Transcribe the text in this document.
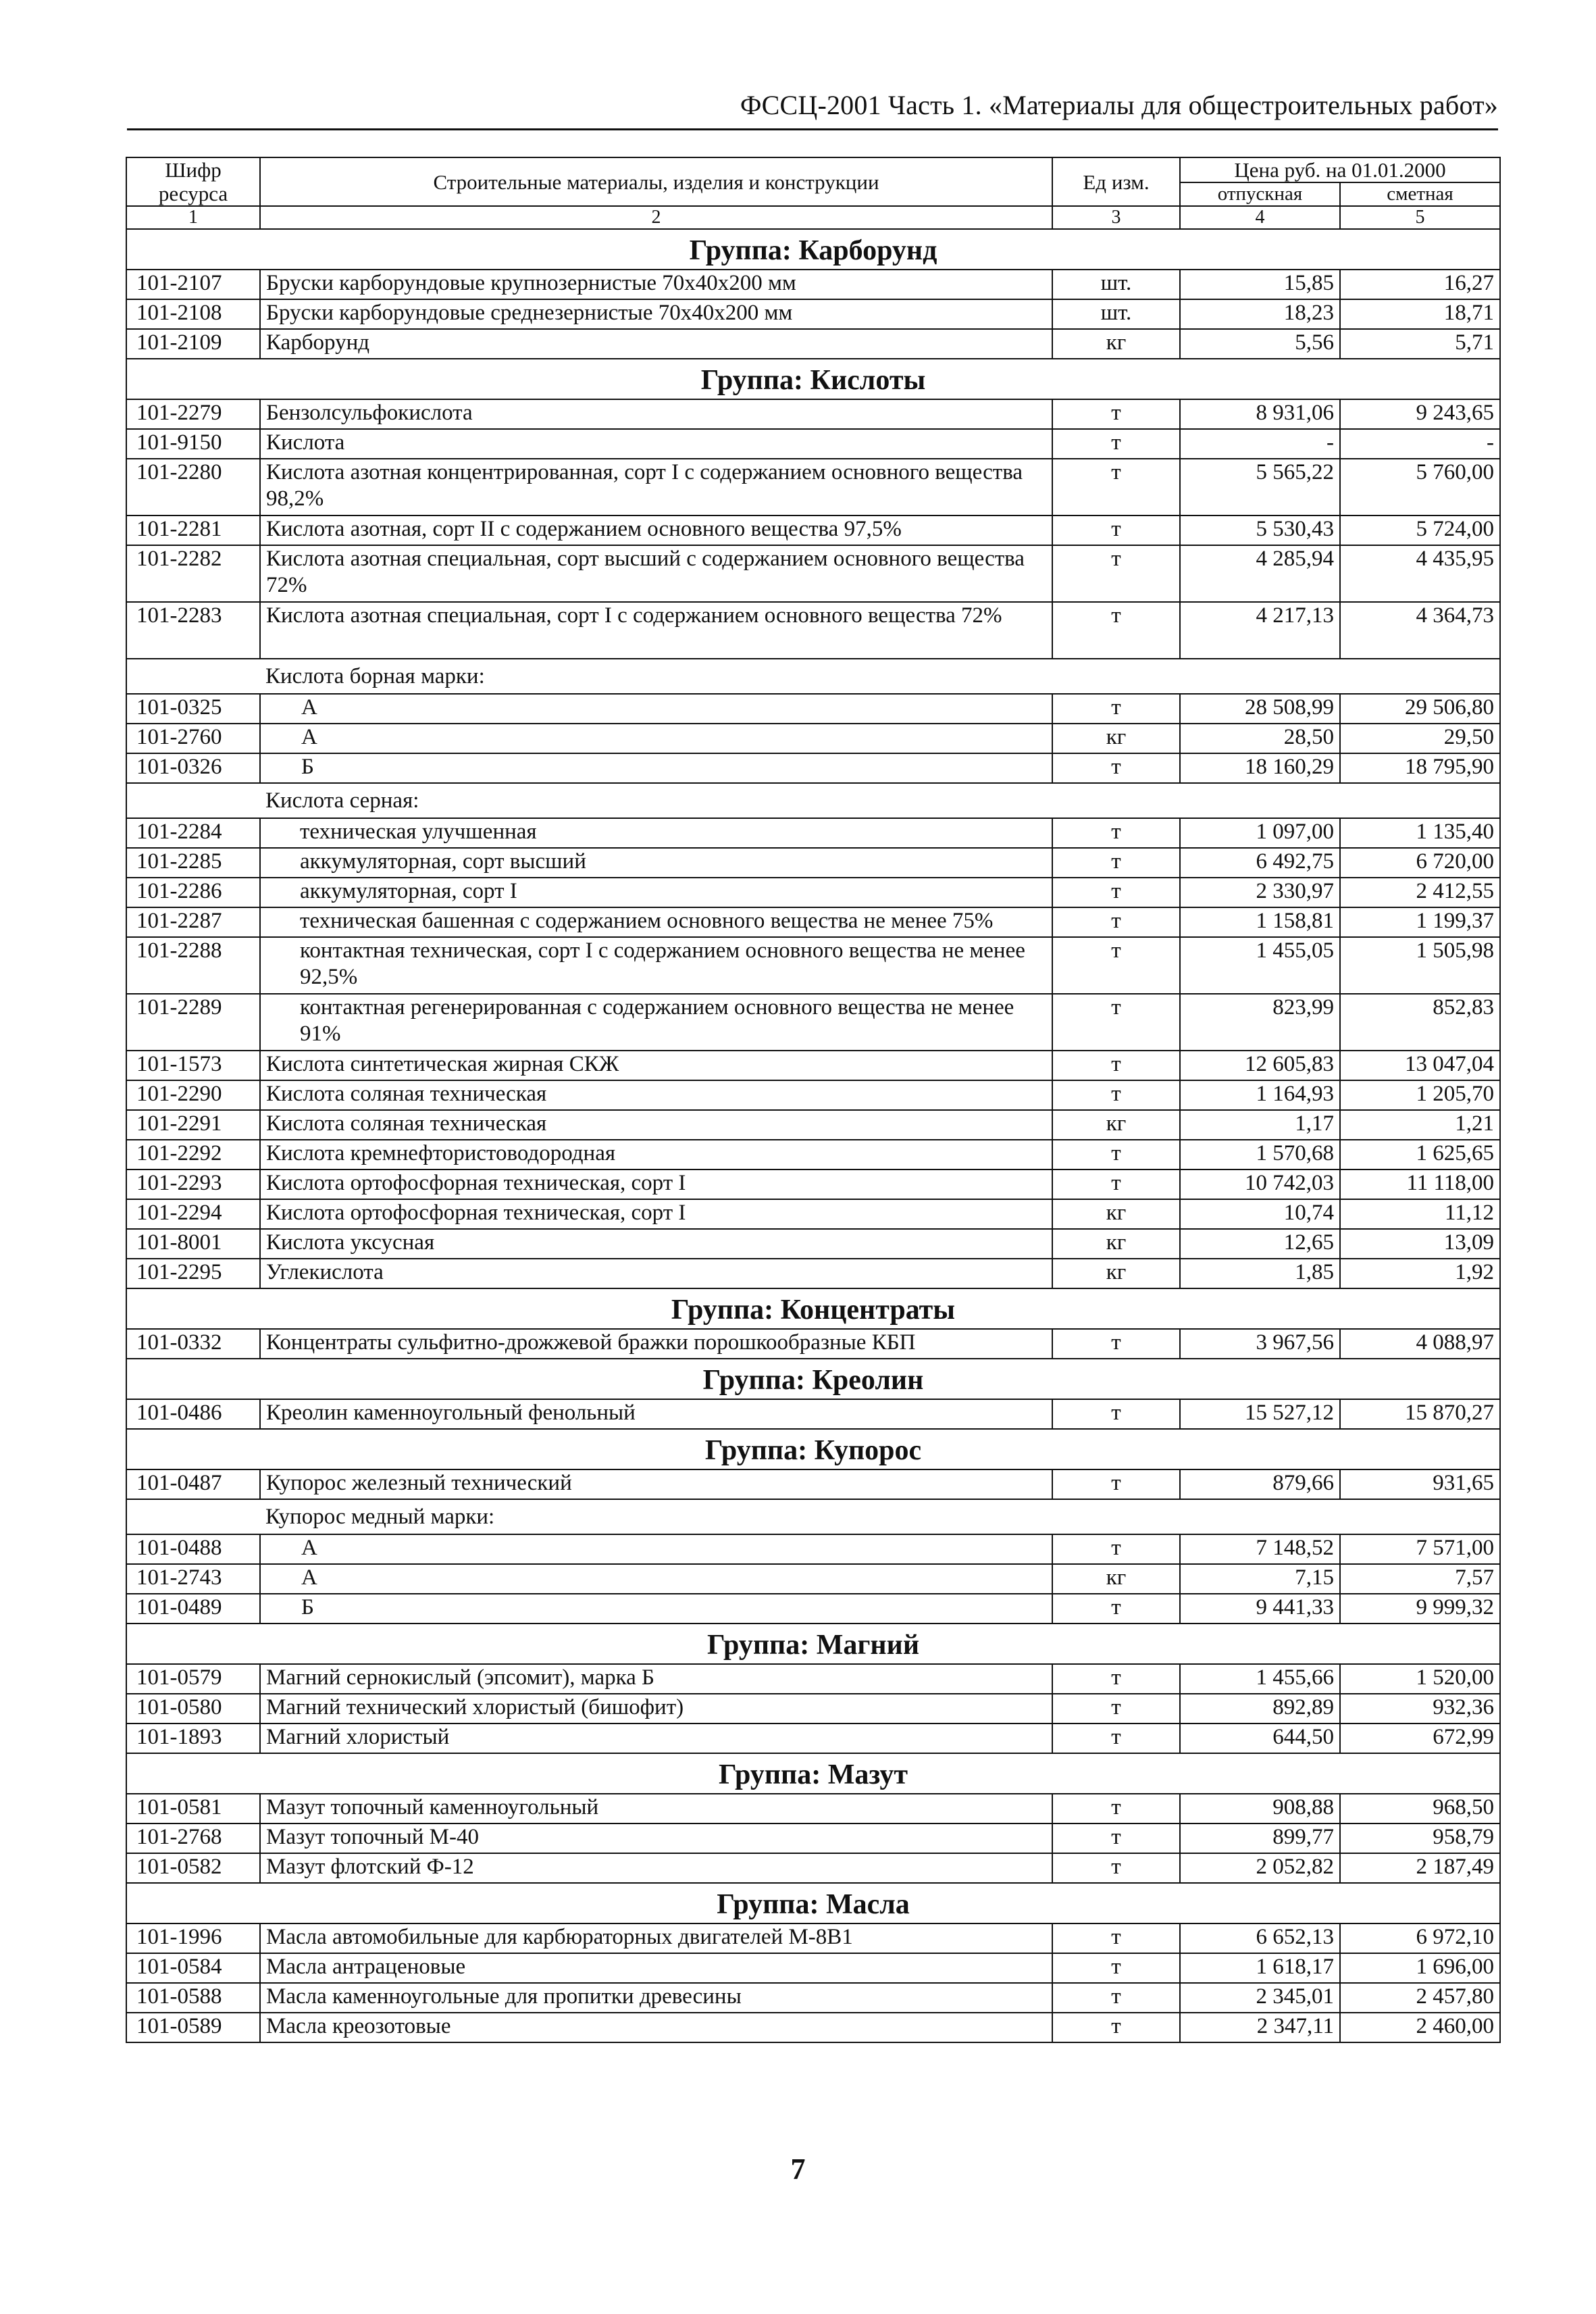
ФССЦ-2001 Часть 1. «Материалы для общестроительных работ»
Шифр ресурса	Строительные материалы, изделия и конструкции	Ед изм.	Цена руб. на 01.01.2000	
			отпускная	сметная
1	2	3	4	5
Группа: Карборунд				
101-2107	Бруски карборундовые крупнозернистые 70х40х200 мм	шт.	15,85	16,27
101-2108	Бруски карборундовые среднезернистые 70х40х200 мм	шт.	18,23	18,71
101-2109	Карборунд	кг	5,56	5,71
Группа: Кислоты				
101-2279	Бензолсульфокислота	т	8 931,06	9 243,65
101-9150	Кислота	т	-	-
101-2280	Кислота азотная концентрированная, сорт I с содержанием основного вещества 98,2%	т	5 565,22	5 760,00
101-2281	Кислота азотная, сорт II с содержанием основного вещества 97,5%	т	5 530,43	5 724,00
101-2282	Кислота азотная специальная, сорт высший с содержанием основного вещества 72%	т	4 285,94	4 435,95
101-2283	Кислота азотная специальная, сорт I с содержанием основного вещества 72%	т	4 217,13	4 364,73
	Кислота борная марки:			
101-0325	А	т	28 508,99	29 506,80
101-2760	А	кг	28,50	29,50
101-0326	Б	т	18 160,29	18 795,90
	Кислота серная:			
101-2284	техническая улучшенная	т	1 097,00	1 135,40
101-2285	аккумуляторная, сорт высший	т	6 492,75	6 720,00
101-2286	аккумуляторная, сорт I	т	2 330,97	2 412,55
101-2287	техническая башенная с содержанием основного вещества не менее 75%	т	1 158,81	1 199,37
101-2288	контактная техническая, сорт I с содержанием основного вещества не менее 92,5%	т	1 455,05	1 505,98
101-2289	контактная регенерированная с содержанием основного вещества не менее 91%	т	823,99	852,83
101-1573	Кислота синтетическая жирная СКЖ	т	12 605,83	13 047,04
101-2290	Кислота соляная техническая	т	1 164,93	1 205,70
101-2291	Кислота соляная техническая	кг	1,17	1,21
101-2292	Кислота кремнефтористоводородная	т	1 570,68	1 625,65
101-2293	Кислота ортофосфорная техническая, сорт I	т	10 742,03	11 118,00
101-2294	Кислота ортофосфорная техническая, сорт I	кг	10,74	11,12
101-8001	Кислота уксусная	кг	12,65	13,09
101-2295	Углекислота	кг	1,85	1,92
Группа: Концентраты				
101-0332	Концентраты сульфитно-дрожжевой бражки порошкообразные КБП	т	3 967,56	4 088,97
Группа: Креолин				
101-0486	Креолин каменноугольный фенольный	т	15 527,12	15 870,27
Группа: Купорос				
101-0487	Купорос железный технический	т	879,66	931,65
	Купорос медный марки:			
101-0488	А	т	7 148,52	7 571,00
101-2743	А	кг	7,15	7,57
101-0489	Б	т	9 441,33	9 999,32
Группа: Магний				
101-0579	Магний сернокислый (эпсомит), марка Б	т	1 455,66	1 520,00
101-0580	Магний технический хлористый (бишофит)	т	892,89	932,36
101-1893	Магний хлористый	т	644,50	672,99
Группа: Мазут				
101-0581	Мазут топочный каменноугольный	т	908,88	968,50
101-2768	Мазут топочный М-40	т	899,77	958,79
101-0582	Мазут флотский Ф-12	т	2 052,82	2 187,49
Группа: Масла				
101-1996	Масла автомобильные для карбюраторных двигателей М-8В1	т	6 652,13	6 972,10
101-0584	Масла антраценовые	т	1 618,17	1 696,00
101-0588	Масла каменноугольные для пропитки древесины	т	2 345,01	2 457,80
101-0589	Масла креозотовые	т	2 347,11	2 460,00
7
